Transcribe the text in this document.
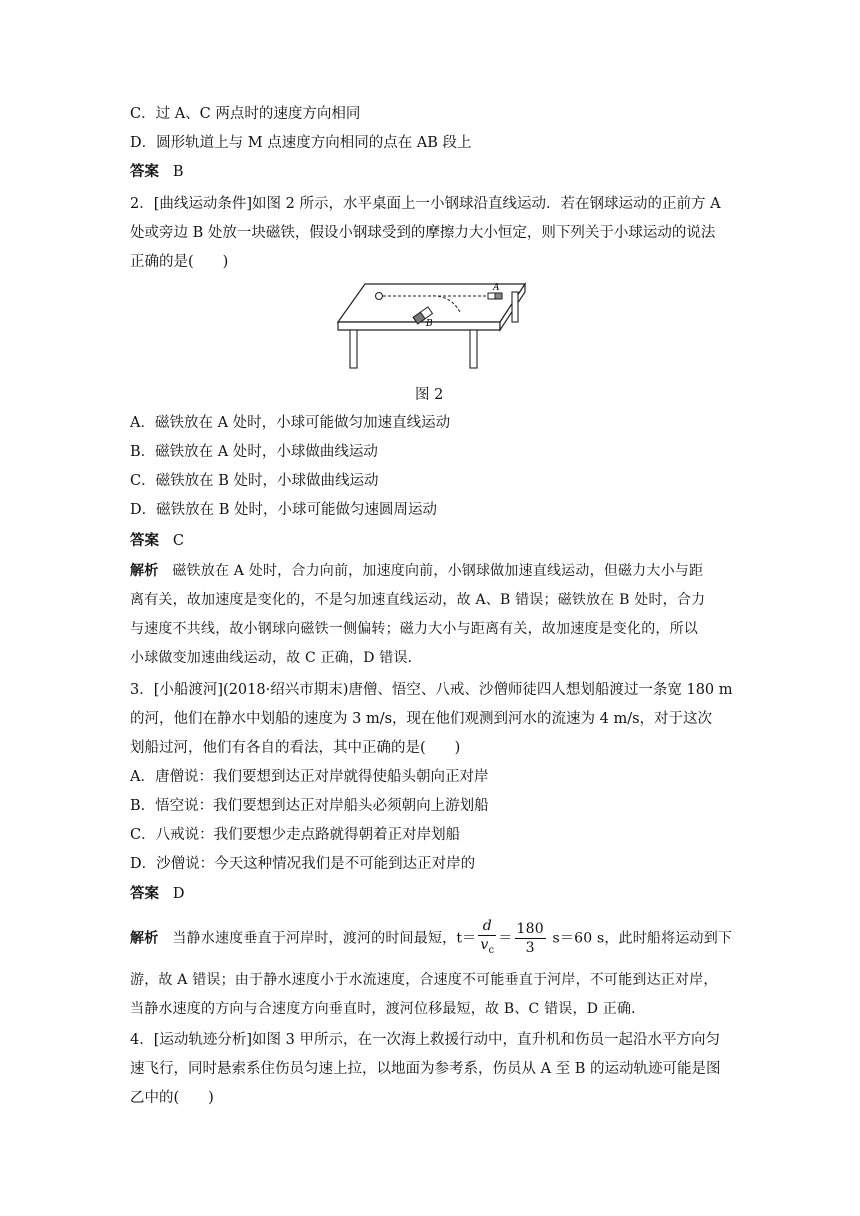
C．过 A、C 两点时的速度方向相同
D．圆形轨道上与 M 点速度方向相同的点在 AB 段上
答案 B
2．[曲线运动条件]如图 2 所示，水平桌面上一小钢球沿直线运动．若在钢球运动的正前方 A
处或旁边 B 处放一块磁铁，假设小钢球受到的摩擦力大小恒定，则下列关于小球运动的说法
正确的是(　　)
A
B
图 2
A．磁铁放在 A 处时，小球可能做匀加速直线运动
B．磁铁放在 A 处时，小球做曲线运动
C．磁铁放在 B 处时，小球做曲线运动
D．磁铁放在 B 处时，小球可能做匀速圆周运动
答案 C
解析 磁铁放在 A 处时，合力向前，加速度向前，小钢球做加速直线运动，但磁力大小与距
离有关，故加速度是变化的，不是匀加速直线运动，故 A、B 错误；磁铁放在 B 处时，合力
与速度不共线，故小钢球向磁铁一侧偏转；磁力大小与距离有关，故加速度是变化的，所以
小球做变加速曲线运动，故 C 正确，D 错误．
3．[小船渡河](2018·绍兴市期末)唐僧、悟空、八戒、沙僧师徒四人想划船渡过一条宽 180 m
的河，他们在静水中划船的速度为 3 m/s，现在他们观测到河水的流速为 4 m/s，对于这次
划船过河，他们有各自的看法，其中正确的是(　　)
A．唐僧说：我们要想到达正对岸就得使船头朝向正对岸
B．悟空说：我们要想到达正对岸船头必须朝向上游划船
C．八戒说：我们要想少走点路就得朝着正对岸划船
D．沙僧说：今天这种情况我们是不可能到达正对岸的
答案 D
解析 当静水速度垂直于河岸时，渡河的时间最短，$t= \frac{d}{v_c} = \frac{180}{3} s=60$ s，此时船将运动到下
游，故 A 错误；由于静水速度小于水流速度，合速度不可能垂直于河岸，不可能到达正对岸，
当静水速度的方向与合速度方向垂直时，渡河位移最短，故 B、C 错误，D 正确．
4．[运动轨迹分析]如图 3 甲所示，在一次海上救援行动中，直升机和伤员一起沿水平方向匀
速飞行，同时悬索系住伤员匀速上拉，以地面为参考系，伤员从 A 至 B 的运动轨迹可能是图
乙中的(　　)
